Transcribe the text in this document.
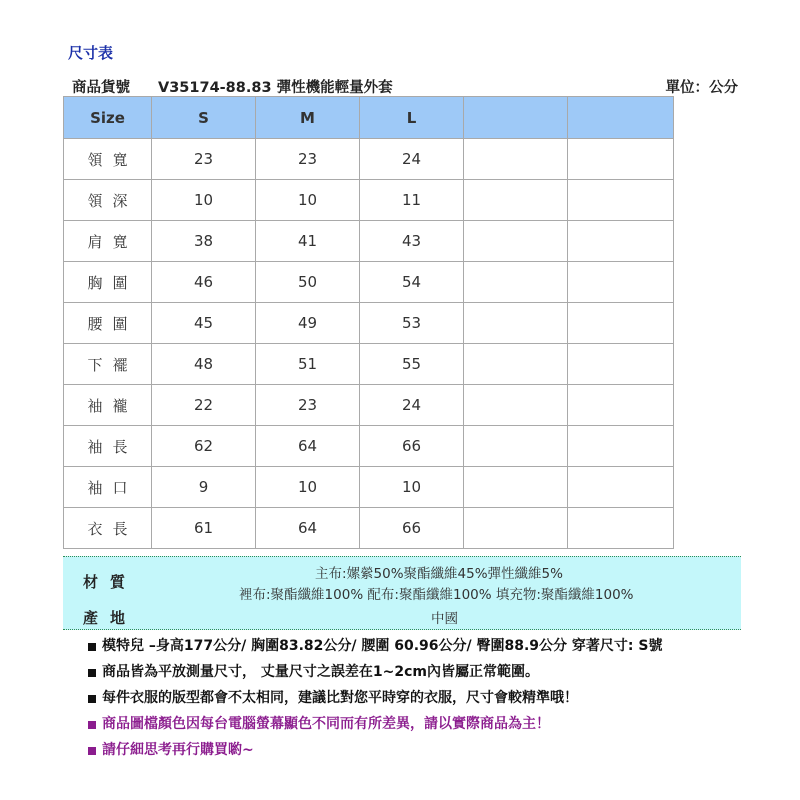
尺寸表
商品貨號 V35174-88.83 彈性機能輕量外套	單位：公分
Size	S	M	L		
領寬	23	23	24		
領深	10	10	11		
肩寬	38	41	43		
胸圍	46	50	54		
腰圍	45	49	53		
下襬	48	51	55		
袖襱	22	23	24		
袖長	62	64	66		
袖口	9	10	10		
衣長	61	64	66		
材質	主布:嫘縈50%聚酯纖維45%彈性纖維5%
裡布:聚酯纖維100% 配布:聚酯纖維100% 填充物:聚酯纖維100%
產地	中國
模特兒 –身高177公分/ 胸圍83.82公分/ 腰圍 60.96公分/ 臀圍88.9公分 穿著尺寸: S號
商品皆為平放測量尺寸， 丈量尺寸之誤差在1~2cm內皆屬正常範圍。
每件衣服的版型都會不太相同，建議比對您平時穿的衣服，尺寸會較精準哦！
商品圖檔顏色因每台電腦螢幕顯色不同而有所差異，請以實際商品為主！
請仔細思考再行購買喲~
